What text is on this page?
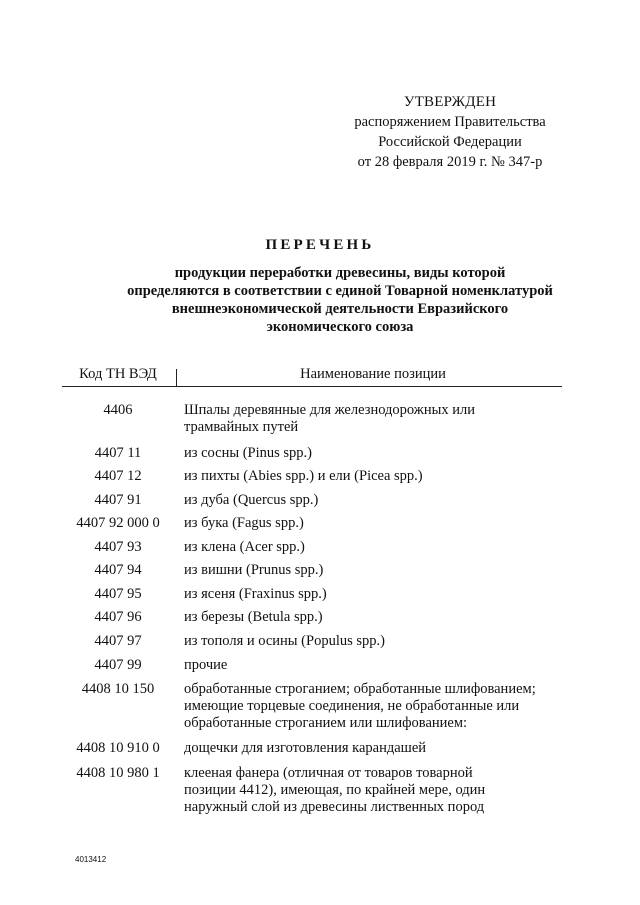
УТВЕРЖДЕН
распоряжением Правительства
Российской Федерации
от 28 февраля 2019 г. № 347-р
ПЕРЕЧЕНЬ
продукции переработки древесины, виды которой
определяются в соответствии с единой Товарной номенклатурой
внешнеэкономической деятельности Евразийского
экономического союза
Код ТН ВЭД	Наименование позиции
4406	Шпалы деревянные для железнодорожных или трамвайных путей
4407 11	из сосны (Pinus spp.)
4407 12	из пихты (Abies spp.) и ели (Picea spp.)
4407 91	из дуба (Quercus spp.)
4407 92 000 0	из бука (Fagus spp.)
4407 93	из клена (Acer spp.)
4407 94	из вишни (Prunus spp.)
4407 95	из ясеня (Fraxinus spp.)
4407 96	из березы (Betula spp.)
4407 97	из тополя и осины (Populus spp.)
4407 99	прочие
4408 10 150	обработанные строганием; обработанные шлифованием; имеющие торцевые соединения, не обработанные или обработанные строганием или шлифованием:
4408 10 910 0	дощечки для изготовления карандашей
4408 10 980 1	клееная фанера (отличная от товаров товарной позиции 4412), имеющая, по крайней мере, один наружный слой из древесины лиственных пород
4013412
